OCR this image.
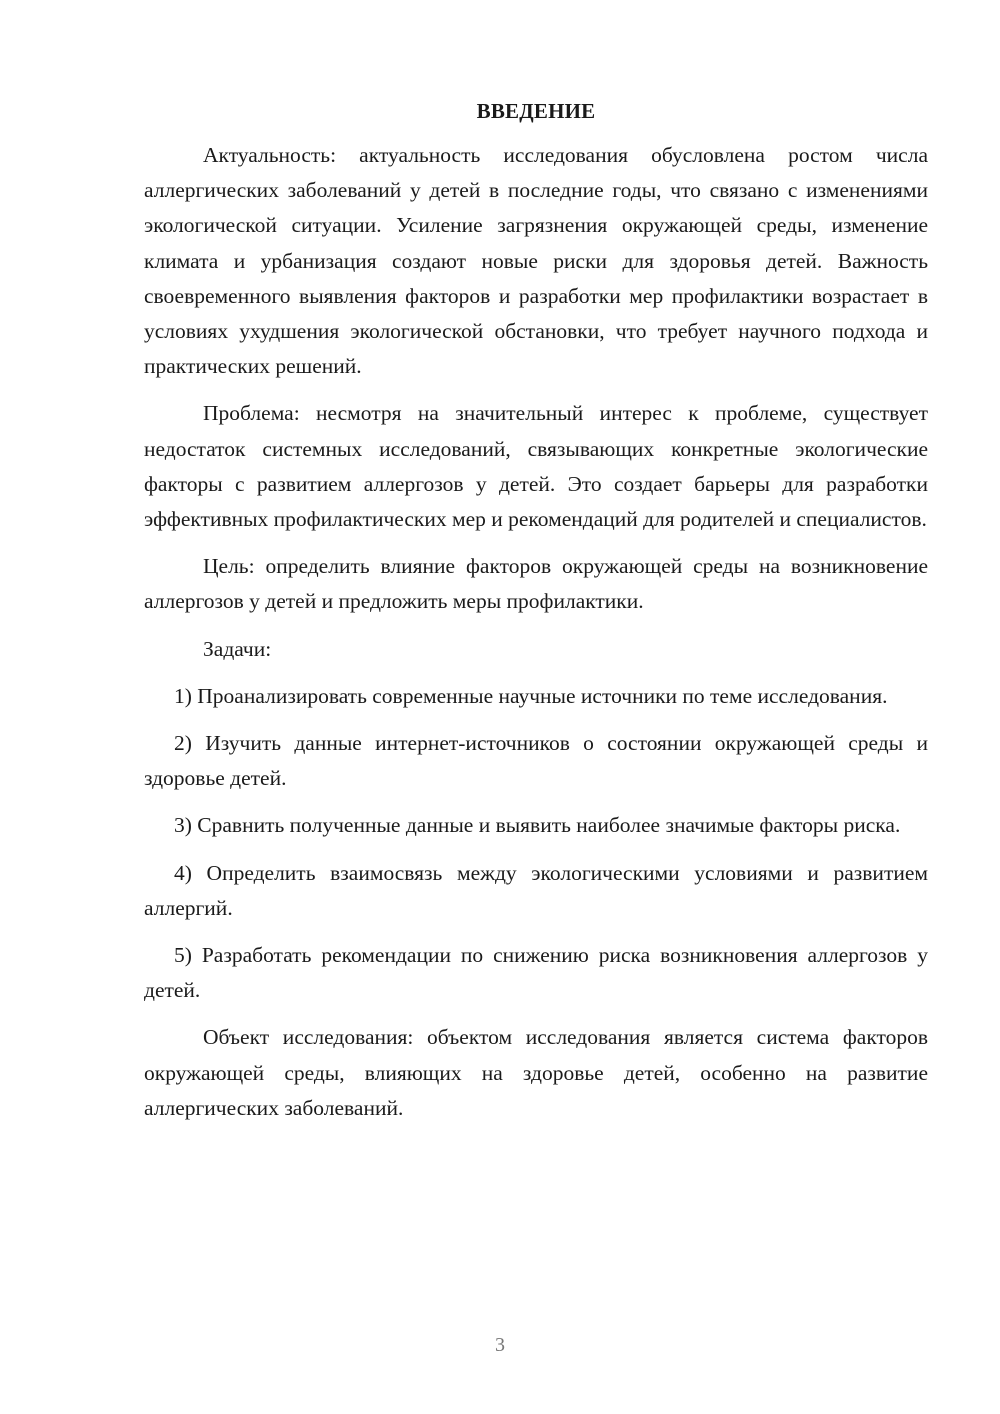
ВВЕДЕНИЕ

Актуальность: актуальность исследования обусловлена ростом числа аллергических заболеваний у детей в последние годы, что связано с изменениями экологической ситуации. Усиление загрязнения окружающей среды, изменение климата и урбанизация создают новые риски для здоровья детей. Важность своевременного выявления факторов и разработки мер профилактики возрастает в условиях ухудшения экологической обстановки, что требует научного подхода и практических решений.

Проблема: несмотря на значительный интерес к проблеме, существует недостаток системных исследований, связывающих конкретные экологические факторы с развитием аллергозов у детей. Это создает барьеры для разработки эффективных профилактических мер и рекомендаций для родителей и специалистов.

Цель: определить влияние факторов окружающей среды на возникновение аллергозов у детей и предложить меры профилактики.

Задачи:

1) Проанализировать современные научные источники по теме исследования.

2) Изучить данные интернет-источников о состоянии окружающей среды и здоровье детей.

3) Сравнить полученные данные и выявить наиболее значимые факторы риска.

4) Определить взаимосвязь между экологическими условиями и развитием аллергий.

5) Разработать рекомендации по снижению риска возникновения аллергозов у детей.

Объект исследования: объектом исследования является система факторов окружающей среды, влияющих на здоровье детей, особенно на развитие аллергических заболеваний.

3
